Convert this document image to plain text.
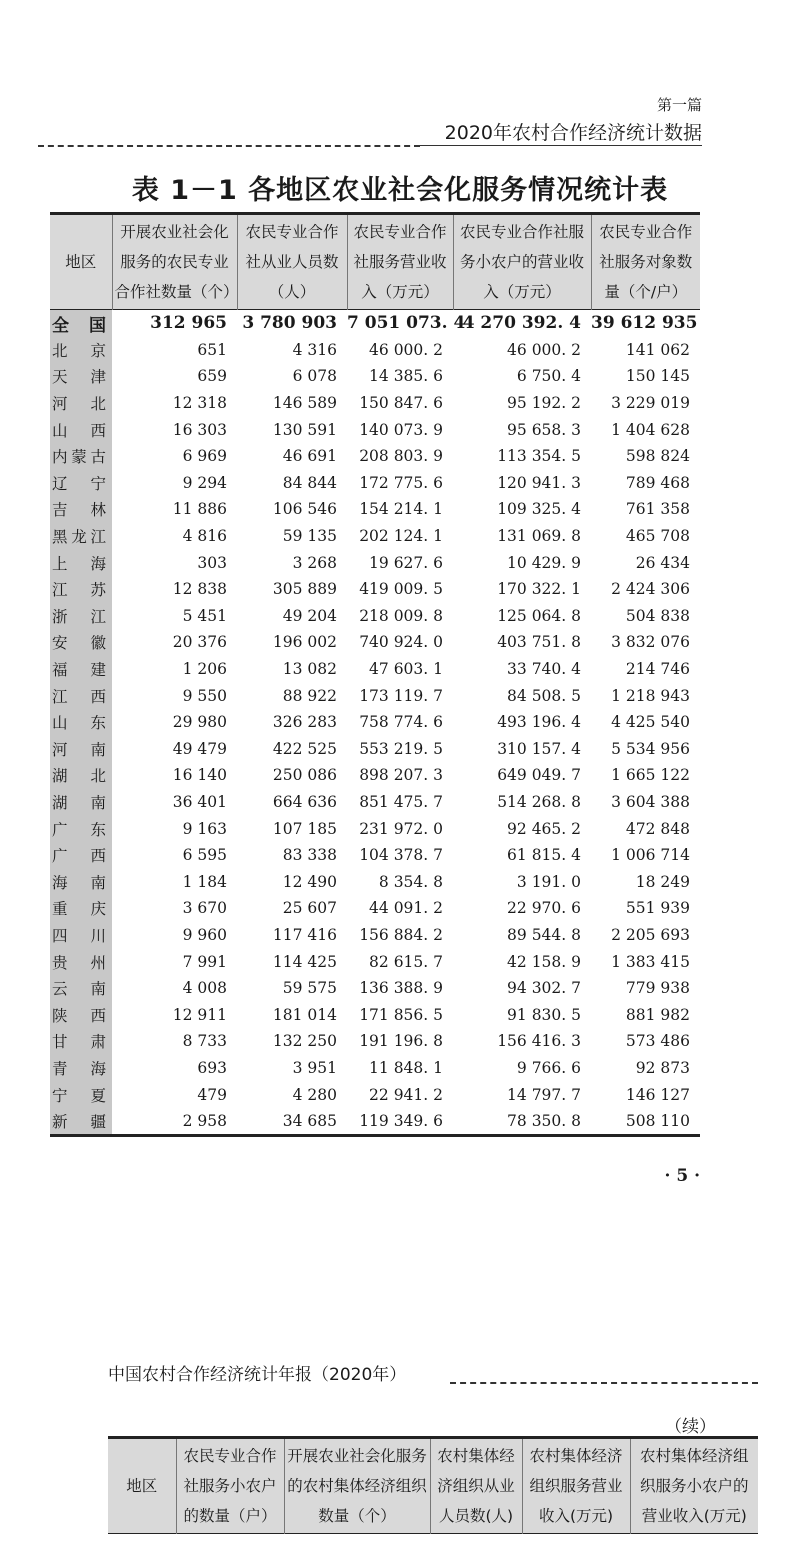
第一篇
2020年农村合作经济统计数据
表 1－1 各地区农业社会化服务情况统计表
地区	开展农业社会化服务的农民专业合作社数量（个）	农民专业合作社从业人员数（人）	农民专业合作社服务营业收入（万元）	农民专业合作社服务小农户的营业收入（万元）	农民专业合作社服务对象数量（个/户）
全 国	312 965	3 780 903	7 051 073. 4	4 270 392. 4	39 612 935
北 京	651	4 316	46 000. 2	46 000. 2	141 062
天 津	659	6 078	14 385. 6	6 750. 4	150 145
河 北	12 318	146 589	150 847. 6	95 192. 2	3 229 019
山 西	16 303	130 591	140 073. 9	95 658. 3	1 404 628
内蒙古	6 969	46 691	208 803. 9	113 354. 5	598 824
辽 宁	9 294	84 844	172 775. 6	120 941. 3	789 468
吉 林	11 886	106 546	154 214. 1	109 325. 4	761 358
黑龙江	4 816	59 135	202 124. 1	131 069. 8	465 708
上 海	303	3 268	19 627. 6	10 429. 9	26 434
江 苏	12 838	305 889	419 009. 5	170 322. 1	2 424 306
浙 江	5 451	49 204	218 009. 8	125 064. 8	504 838
安 徽	20 376	196 002	740 924. 0	403 751. 8	3 832 076
福 建	1 206	13 082	47 603. 1	33 740. 4	214 746
江 西	9 550	88 922	173 119. 7	84 508. 5	1 218 943
山 东	29 980	326 283	758 774. 6	493 196. 4	4 425 540
河 南	49 479	422 525	553 219. 5	310 157. 4	5 534 956
湖 北	16 140	250 086	898 207. 3	649 049. 7	1 665 122
湖 南	36 401	664 636	851 475. 7	514 268. 8	3 604 388
广 东	9 163	107 185	231 972. 0	92 465. 2	472 848
广 西	6 595	83 338	104 378. 7	61 815. 4	1 006 714
海 南	1 184	12 490	8 354. 8	3 191. 0	18 249
重 庆	3 670	25 607	44 091. 2	22 970. 6	551 939
四 川	9 960	117 416	156 884. 2	89 544. 8	2 205 693
贵 州	7 991	114 425	82 615. 7	42 158. 9	1 383 415
云 南	4 008	59 575	136 388. 9	94 302. 7	779 938
陕 西	12 911	181 014	171 856. 5	91 830. 5	881 982
甘 肃	8 733	132 250	191 196. 8	156 416. 3	573 486
青 海	693	3 951	11 848. 1	9 766. 6	92 873
宁 夏	479	4 280	22 941. 2	14 797. 7	146 127
新 疆	2 958	34 685	119 349. 6	78 350. 8	508 110
· 5 ·
中国农村合作经济统计年报（2020年）
（续）
地区	农民专业合作社服务小农户的数量（户）	开展农业社会化服务的农村集体经济组织数量（个）	农村集体经济组织从业人员数(人)	农村集体经济组织服务营业收入(万元)	农村集体经济组织服务小农户的营业收入(万元)
